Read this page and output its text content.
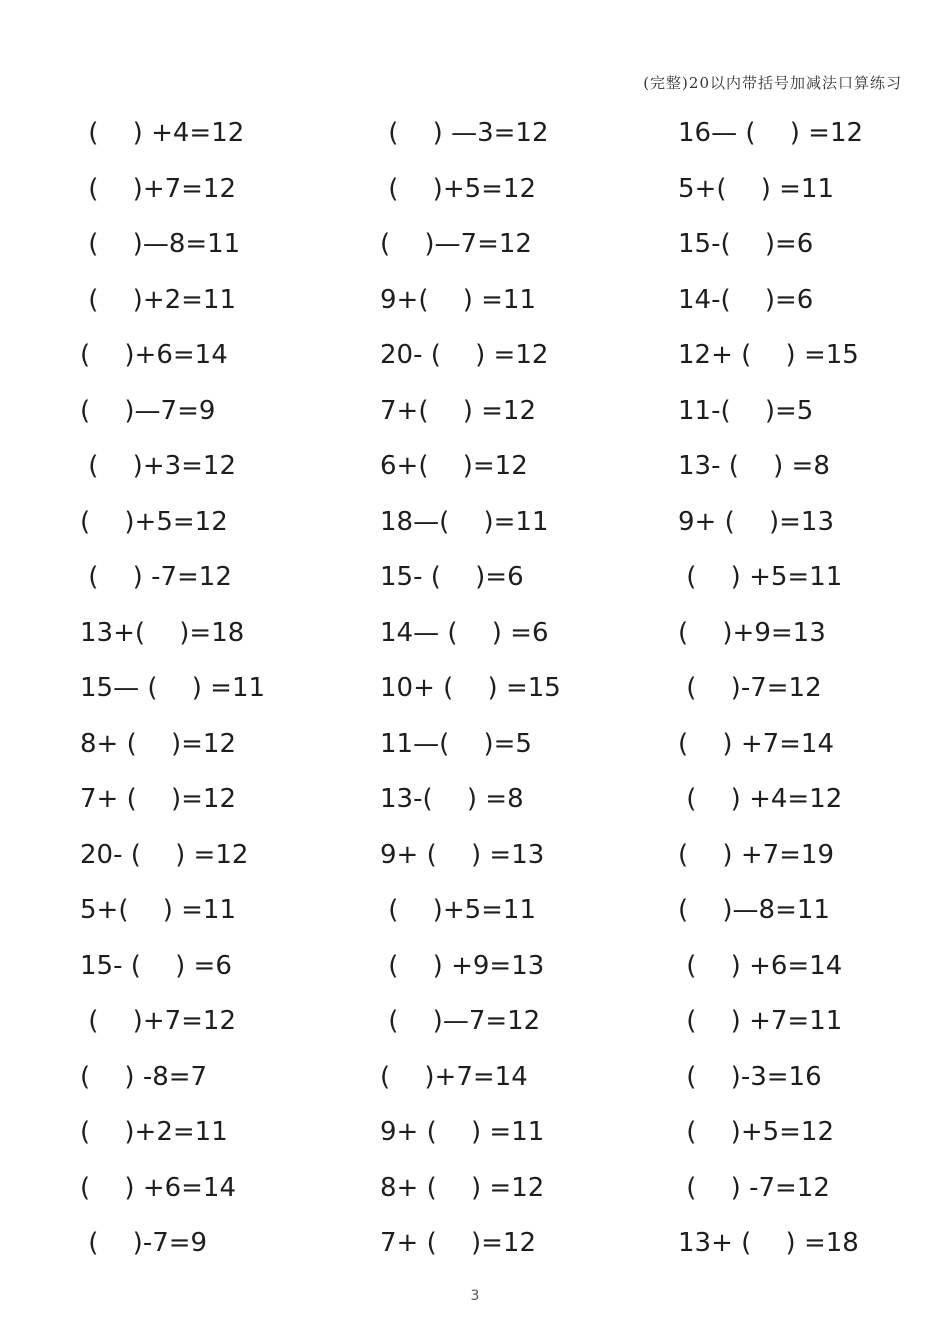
(完整)20以内带括号加减法口算练习
(　 ) +4=12
(　 )+7=12
(　 )—8=11
(　 )+2=11
(　 )+6=14
(　 )—7=9
(　 )+3=12
(　 )+5=12
(　 ) -7=12
13+(　 )=18
15— (　 ) =11
8+ (　 )=12
7+ (　 )=12
20- (　 ) =12
5+(　 ) =11
15- (　 ) =6
(　 )+7=12
(　 ) -8=7
(　 )+2=11
(　 ) +6=14
(　 )-7=9
(　 ) —3=12
(　 )+5=12
(　 )—7=12
9+(　 ) =11
20- (　 ) =12
7+(　 ) =12
6+(　 )=12
18—(　 )=11
15- (　 )=6
14— (　 ) =6
10+ (　 ) =15
11—(　 )=5
13-(　 ) =8
9+ (　 ) =13
(　 )+5=11
(　 ) +9=13
(　 )—7=12
(　 )+7=14
9+ (　 ) =11
8+ (　 ) =12
7+ (　 )=12
16— (　 ) =12
5+(　 ) =11
15-(　 )=6
14-(　 )=6
12+ (　 ) =15
11-(　 )=5
13- (　 ) =8
9+ (　 )=13
(　 ) +5=11
(　 )+9=13
(　 )-7=12
(　 ) +7=14
(　 ) +4=12
(　 ) +7=19
(　 )—8=11
(　 ) +6=14
(　 ) +7=11
(　 )-3=16
(　 )+5=12
(　 ) -7=12
13+ (　 ) =18
3
